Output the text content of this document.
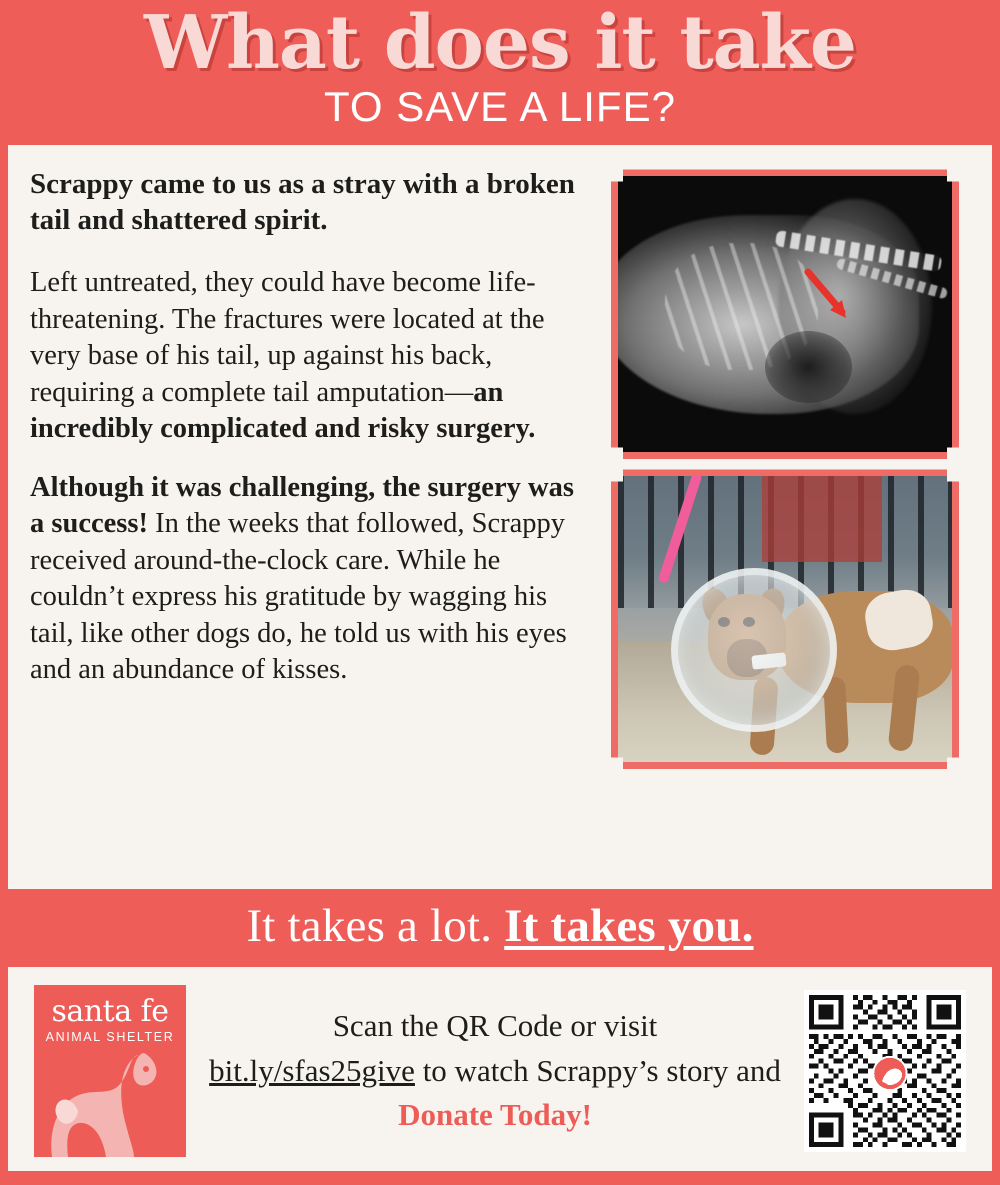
What does it take
TO SAVE A LIFE?

Scrappy came to us as a stray with a broken tail and shattered spirit.

Left untreated, they could have become life-threatening. The fractures were located at the very base of his tail, up against his back, requiring a complete tail amputation—an incredibly complicated and risky surgery.

Although it was challenging, the surgery was a success! In the weeks that followed, Scrappy received around-the-clock care. While he couldn’t express his gratitude by wagging his tail, like other dogs do, he told us with his eyes and an abundance of kisses.

It takes a lot. It takes you.
santa fe
ANIMAL SHELTER	Scan the QR Code or visit
bit.ly/sfas25give to watch Scrappy’s story and Donate Today!
